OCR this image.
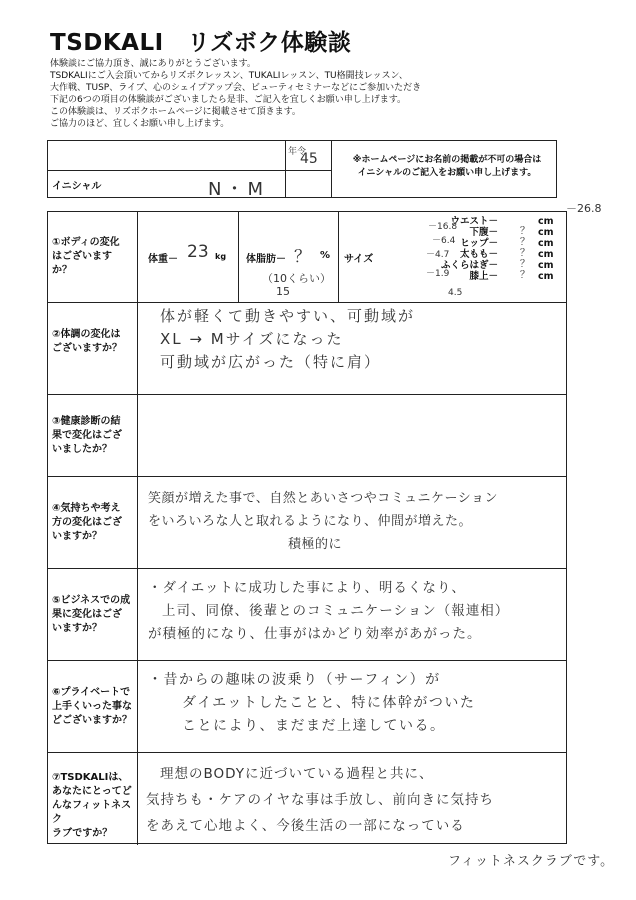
TSDKALI　リズボク体験談
体験談にご協力頂き、誠にありがとうございます。
TSDKALIにご入会頂いてからリズボクレッスン、TUKALIレッスン、TU格闘技レッスン、
大作戦、TUSP、ライブ、心のシェイプアップ会、ビューティセミナーなどにご参加いただき
下記の6つの項目の体験談がございましたら是非、ご記入を宜しくお願い申し上げます。
この体験談は、リズボクホームページに掲載させて頂きます。
ご協力のほど、宜しくお願い申し上げます。
年令
45
イニシャル	N・M
※ホームページにお名前の掲載が不可の場合は
イニシャルのご記入をお願い申し上げます。
－26.8
①ボディの変化
はございます
か？
体重－ 23 kg 体脂肪－ ？ %
（10くらい）
15
サイズ
ウエスト－	cm
下腹－ ？ cm
ヒップ－ ？ cm
太もも－ ？ cm
ふくらはぎ－ ？ cm
膝上－ ？ cm
－16.8
－6.4
－4.7
－1.9
4.5
②体調の変化は
ございますか？
体が軽くて動きやすい、可動域が
XL → Mサイズになった
可動域が広がった（特に肩）
③健康診断の結
果で変化はござ
いましたか？
④気持ちや考え
方の変化はござ
いますか？
笑顔が増えた事で、自然とあいさつやコミュニケーション
をいろいろな人と取れるようになり、仲間が増えた。
積極的に
⑤ビジネスでの成
果に変化はござ
いますか？
・ダイエットに成功した事により、明るくなり、
上司、同僚、後輩とのコミュニケーション（報連相）
が積極的になり、仕事がはかどり効率があがった。
⑥プライベートで
上手くいった事な
どございますか？
・昔からの趣味の波乗り（サーフィン）が
ダイエットしたことと、特に体幹がついた
ことにより、まだまだ上達している。
⑦TSDKALIは、
あなたにとってど
んなフィットネスク
ラブですか？
理想のBODYに近づいている過程と共に、
気持ちも・ケアのイヤな事は手放し、前向きに気持ち
をあえて心地よく、今後生活の一部になっている
フィットネスクラブです。
